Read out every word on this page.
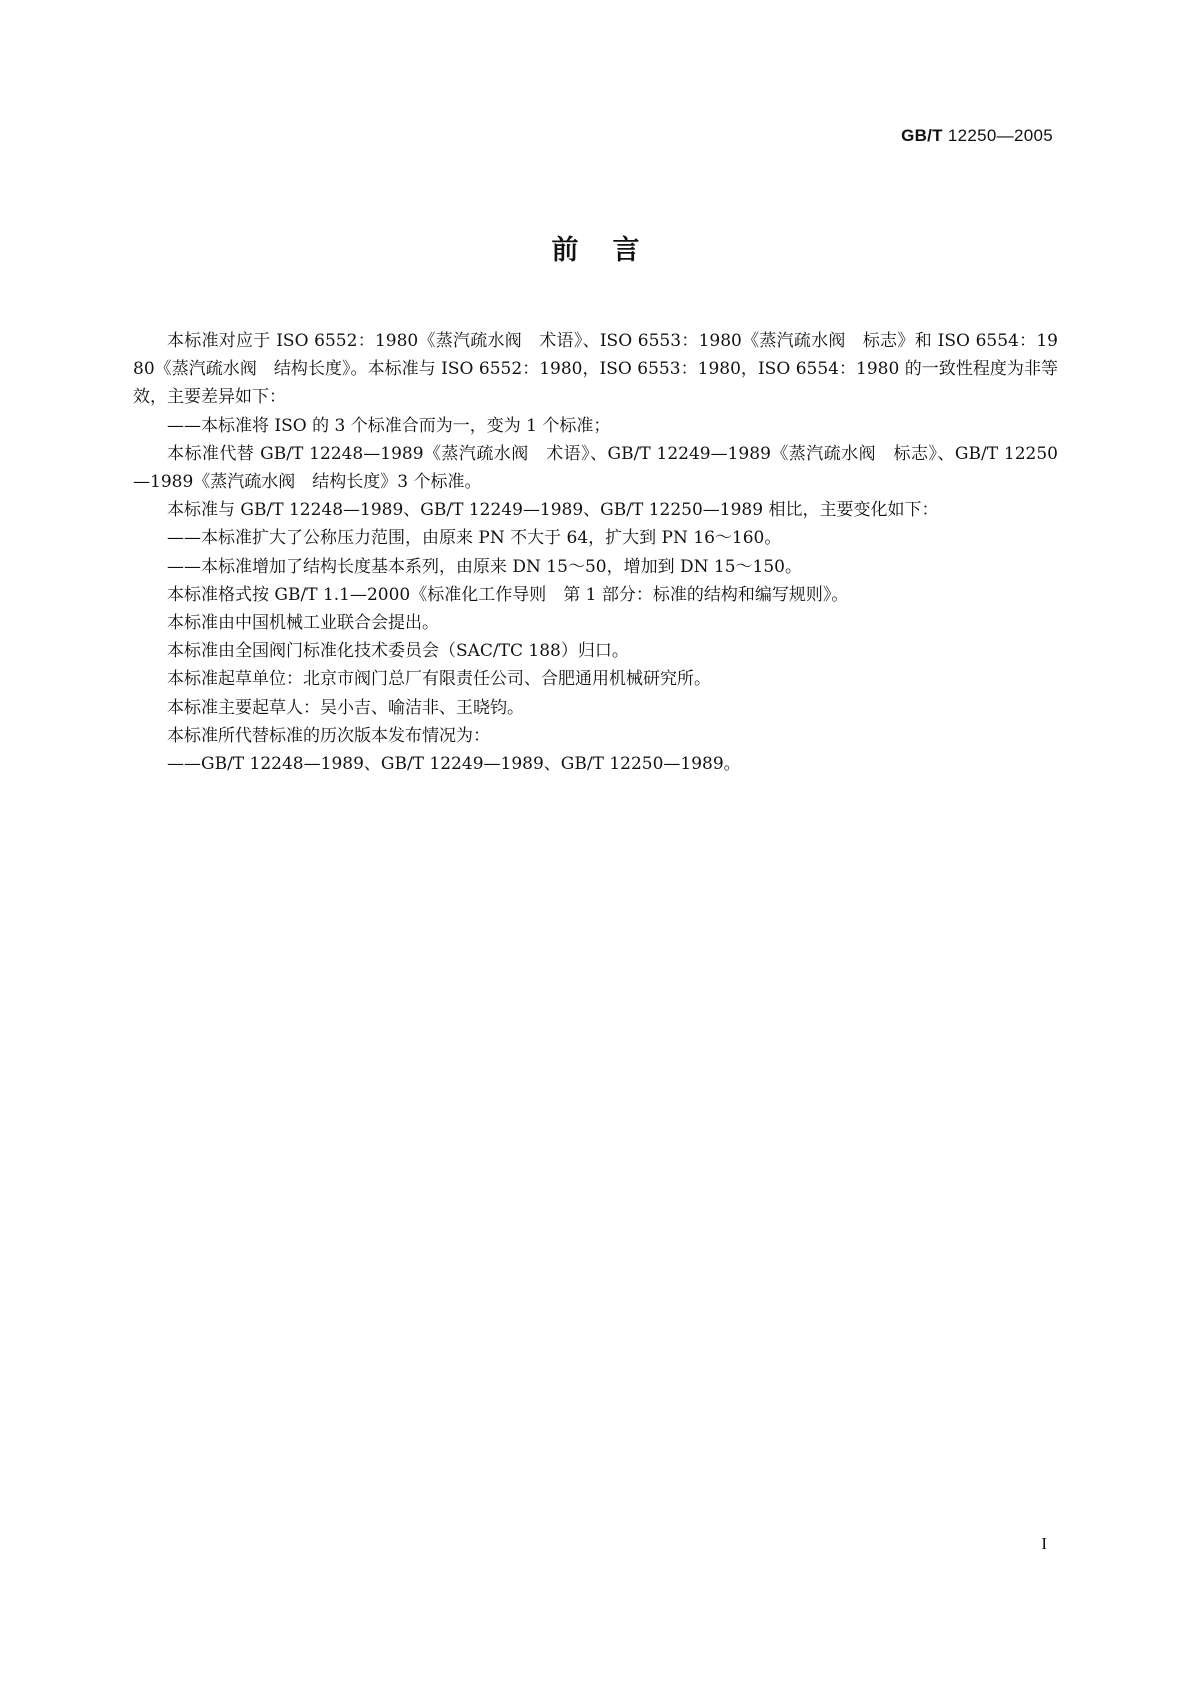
GB/T 12250—2005
前言

本标准对应于 ISO 6552：1980《蒸汽疏水阀　术语》、ISO 6553：1980《蒸汽疏水阀　标志》和 ISO 6554：1980《蒸汽疏水阀　结构长度》。本标准与 ISO 6552：1980，ISO 6553：1980，ISO 6554：1980 的一致性程度为非等效，主要差异如下：

——本标准将 ISO 的 3 个标准合而为一，变为 1 个标准；

本标准代替 GB/T 12248—1989《蒸汽疏水阀　术语》、GB/T 12249—1989《蒸汽疏水阀　标志》、GB/T 12250—1989《蒸汽疏水阀　结构长度》3 个标准。

本标准与 GB/T 12248—1989、GB/T 12249—1989、GB/T 12250—1989 相比，主要变化如下：

——本标准扩大了公称压力范围，由原来 PN 不大于 64，扩大到 PN 16～160。

——本标准增加了结构长度基本系列，由原来 DN 15～50，增加到 DN 15～150。

本标准格式按 GB/T 1.1—2000《标准化工作导则　第 1 部分：标准的结构和编写规则》。

本标准由中国机械工业联合会提出。

本标准由全国阀门标准化技术委员会（SAC/TC 188）归口。

本标准起草单位：北京市阀门总厂有限责任公司、合肥通用机械研究所。

本标准主要起草人：吴小吉、喻洁非、王晓钧。

本标准所代替标准的历次版本发布情况为：

——GB/T 12248—1989、GB/T 12249—1989、GB/T 12250—1989。

I
